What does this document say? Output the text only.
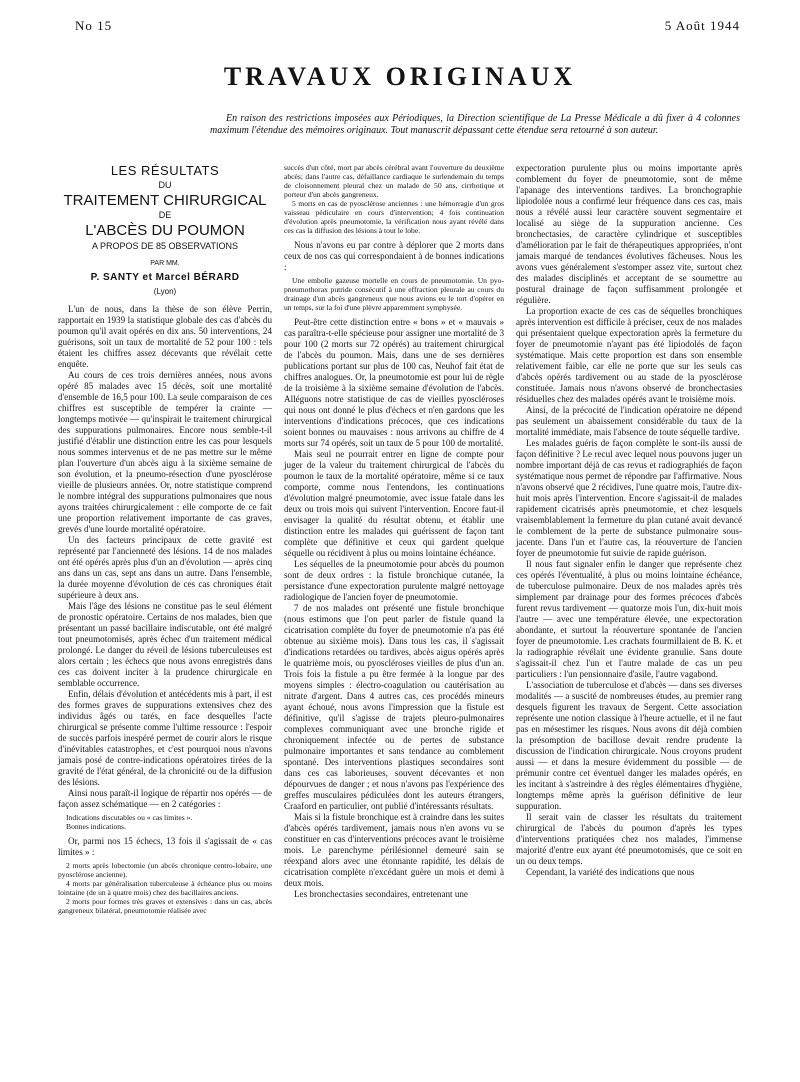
No 15	5 Août 1944
TRAVAUX ORIGINAUX
En raison des restrictions imposées aux Périodiques, la Direction scientifique de La Presse Médicale a dû fixer à 4 colonnes maximum l'étendue des mémoires originaux. Tout manuscrit dépassant cette étendue sera retourné à son auteur.
LES RÉSULTATS
DU
TRAITEMENT CHIRURGICAL
DE
L'ABCÈS DU POUMON
A PROPOS DE 85 OBSERVATIONS
PAR MM.
P. SANTY et Marcel BÉRARD
(Lyon)

L'un de nous, dans la thèse de son élève Perrin, rapportait en 1939 la statistique globale des cas d'abcès du poumon qu'il avait opérés en dix ans. 50 interventions, 24 guérisons, soit un taux de mortalité de 52 pour 100 : tels étaient les chiffres assez décevants que révélait cette enquête.

Au cours de ces trois dernières années, nous avons opéré 85 malades avec 15 décès, soit une mortalité d'ensemble de 16,5 pour 100. La seule comparaison de ces chiffres est susceptible de tempérer la crainte — longtemps motivée — qu'inspirait le traitement chirurgical des suppurations pulmonaires. Encore nous semble-t-il justifié d'établir une distinction entre les cas pour lesquels nous sommes intervenus et de ne pas mettre sur le même plan l'ouverture d'un abcès aigu à la sixième semaine de son évolution, et la pneumo-résection d'une pyosclérose vieille de plusieurs années. Or, notre statistique comprend le nombre intégral des suppurations pulmonaires que nous ayons traitées chirurgicalement : elle comporte de ce fait une proportion relativement importante de cas graves, grevés d'une lourde mortalité opératoire.

Un des facteurs principaux de cette gravité est représenté par l'ancienneté des lésions. 14 de nos malades ont été opérés après plus d'un an d'évolution — après cinq ans dans un cas, sept ans dans un autre. Dans l'ensemble, la durée moyenne d'évolution de ces cas chroniques était supérieure à deux ans.

Mais l'âge des lésions ne constitue pas le seul élément de pronostic opératoire. Certains de nos malades, bien que présentant un passé bacillaire indiscutable, ont été malgré tout pneumotomisés, après échec d'un traitement médical prolongé. Le danger du réveil de lésions tuberculeuses est alors certain ; les échecs que nous avons enregistrés dans ces cas doivent inciter à la prudence chirurgicale en semblable occurrence.

Enfin, délais d'évolution et antécédents mis à part, il est des formes graves de suppurations extensives chez des individus âgés ou tarés, en face desquelles l'acte chirurgical se présente comme l'ultime ressource : l'espoir de succès parfois inespéré permet de courir alors le risque d'inévitables catastrophes, et c'est pourquoi nous n'avons jamais posé de contre-indications opératoires tirées de la gravité de l'état général, de la chronicité ou de la diffusion des lésions.

Ainsi nous paraît-il logique de répartir nos opérés — de façon assez schématique — en 2 catégories :

Indications discutables ou « cas limites ».

Bonnes indications.

Or, parmi nos 15 échecs, 13 fois il s'agissait de « cas limites » :

2 morts après lobectomie (un abcès chronique centro-lobaire, une pyosclérose ancienne).

4 morts par généralisation tuberculeuse à échéance plus ou moins lointaine (de un à quatre mois) chez des bacillaires anciens.

2 morts pour formes très graves et extensives : dans un cas, abcès gangreneux bilatéral, pneumotomie réalisée avec

succès d'un côté, mort par abcès cérébral avant l'ouverture du deuxième abcès; dans l'autre cas, défaillance cardiaque le surlendemain du temps de cloisonnement pleural chez un malade de 50 ans, cirrhotique et porteur d'un abcès gangreneux.

5 morts en cas de pyosclérose anciennes : une hémorragie d'un gros vaisseau pédiculaire en cours d'intervention; 4 fois continuation d'évolution après pneumotomie, la vérification nous ayant révélé dans ces cas la diffusion des lésions à tout le lobe.

Nous n'avons eu par contre à déplorer que 2 morts dans ceux de nos cas qui correspondaient à de bonnes indications :

Une embolie gazeuse mortelle en cours de pneumotomie. Un pyo-pneumothorax putride consécutif à une effraction pleurale au cours du drainage d'un abcès gangreneux que nous avions eu le tort d'opérer en un temps, sur la foi d'une plèvre apparemment symphysée.

Peut-être cette distinction entre « bons » et « mauvais » cas paraîtra-t-elle spécieuse pour assigner une mortalité de 3 pour 100 (2 morts sur 72 opérés) au traitement chirurgical de l'abcès du poumon. Mais, dans une de ses dernières publications portant sur plus de 100 cas, Neuhof fait état de chiffres analogues. Or, la pneumotomie est pour lui de règle de la troisième à la sixième semaine d'évolution de l'abcès. Alléguons notre statistique de cas de vieilles pyoscléroses qui nous ont donné le plus d'échecs et n'en gardons que les interventions d'indications précoces, que ces indications soient bonnes ou mauvaises : nous arrivons au chiffre de 4 morts sur 74 opérés, soit un taux de 5 pour 100 de mortalité.

Mais seul ne pourrait entrer en ligne de compte pour juger de la valeur du traitement chirurgical de l'abcès du poumon le taux de la mortalité opératoire, même si ce taux comporte, comme nous l'entendons, les continuations d'évolution malgré pneumotomie, avec issue fatale dans les deux ou trois mois qui suivent l'intervention. Encore faut-il envisager la qualité du résultat obtenu, et établir une distinction entre les malades qui guérissent de façon tant complète que définitive et ceux qui gardent quelque séquelle ou récidivent à plus ou moins lointaine échéance.

Les séquelles de la pneumotomie pour abcès du poumon sont de deux ordres : la fistule bronchique cutanée, la persistance d'une expectoration purulente malgré nettoyage radiologique de l'ancien foyer de pneumotomie.

7 de nos malades ont présenté une fistule bronchique (nous estimons que l'on peut parler de fistule quand la cicatrisation complète du foyer de pneumotomie n'a pas été obtenue au sixième mois). Dans tous les cas, il s'agissait d'indications retardées ou tardives, abcès aigus opérés après le quatrième mois, ou pyoscléroses vieilles de plus d'un an. Trois fois la fistule a pu être fermée à la longue par des moyens simples : électro-coagulation ou cautérisation au nitrate d'argent. Dans 4 autres cas, ces procédés mineurs ayant échoué, nous avons l'impression que la fistule est définitive, qu'il s'agisse de trajets pleuro-pulmonaires complexes communiquant avec une bronche rigide et chroniquement infectée ou de pertes de substance pulmonaire importantes et sans tendance au comblement spontané. Des interventions plastiques secondaires sont dans ces cas laborieuses, souvent décevantes et non dépourvues de danger ; et nous n'avons pas l'expérience des greffes musculaires pédiculées dont les auteurs étrangers, Craaford en particulier, ont publié d'intéressants résultats.

Mais si la fistule bronchique est à craindre dans les suites d'abcès opérés tardivement, jamais nous n'en avons vu se constituer en cas d'interventions précoces avant le troisième mois. Le parenchyme périlésionnel demeuré sain se réexpand alors avec une étonnante rapidité, les délais de cicatrisation complète n'excédant guère un mois et demi à deux mois.

Les bronchectasies secondaires, entretenant une

expectoration purulente plus ou moins importante après comblement du foyer de pneumotomie, sont de même l'apanage des interventions tardives. La bronchographie lipiodolée nous a confirmé leur fréquence dans ces cas, mais nous a révélé aussi leur caractère souvent segmentaire et localisé au siège de la suppuration ancienne. Ces bronchectasies, de caractère cylindrique et susceptibles d'amélioration par le fait de thérapeutiques appropriées, n'ont jamais marqué de tendances évolutives fâcheuses. Nous les avons vues généralement s'estomper assez vite, surtout chez des malades disciplinés et acceptant de se soumettre au postural drainage de façon suffisamment prolongée et régulière.

La proportion exacte de ces cas de séquelles bronchiques après intervention est difficile à préciser, ceux de nos malades qui présentaient quelque expectoration après la fermeture du foyer de pneumotomie n'ayant pas été lipiodolés de façon systématique. Mais cette proportion est dans son ensemble relativement faible, car elle ne porte que sur les seuls cas d'abcès opérés tardivement ou au stade de la pyosclérose constituée. Jamais nous n'avons observé de bronchectasies résiduelles chez des malades opérés avant le troisième mois.

Ainsi, de la précocité de l'indication opératoire ne dépend pas seulement un abaissement considérable du taux de la mortalité immédiate, mais l'absence de toute séquelle tardive.

Les malades guéris de façon complète le sont-ils aussi de façon définitive ? Le recul avec lequel nous pouvons juger un nombre important déjà de cas revus et radiographiés de façon systématique nous permet de répondre par l'affirmative. Nous n'avons observé que 2 récidives, l'une quatre mois, l'autre dix-huit mois après l'intervention. Encore s'agissait-il de malades rapidement cicatrisés après pneumotomie, et chez lesquels vraisemblablement la fermeture du plan cutané avait devancé le comblement de la perte de substance pulmonaire sous-jacente. Dans l'un et l'autre cas, la réouverture de l'ancien foyer de pneumotomie fut suivie de rapide guérison.

Il nous faut signaler enfin le danger que représente chez ces opérés l'éventualité, à plus ou moins lointaine échéance, de tuberculose pulmonaire. Deux de nos malades après très simplement par drainage pour des formes précoces d'abcès furent revus tardivement — quatorze mois l'un, dix-huit mois l'autre — avec une température élevée, une expectoration abondante, et surtout la réouverture spontanée de l'ancien foyer de pneumotomie. Les crachats fourmillaient de B. K. et la radiographie révélait une évidente granulie. Sans doute s'agissait-il chez l'un et l'autre malade de cas un peu particuliers : l'un pensionnaire d'asile, l'autre vagabond.

L'association de tuberculose et d'abcès — dans ses diverses modalités — a suscité de nombreuses études, au premier rang desquels figurent les travaux de Sergent. Cette association représente une notion classique à l'heure actuelle, et il ne faut pas en mésestimer les risques. Nous avons dit déjà combien la présomption de bacillose devait rendre prudente la discussion de l'indication chirurgicale. Nous croyons prudent aussi — et dans la mesure évidemment du possible — de prémunir contre cet éventuel danger les malades opérés, en les incitant à s'astreindre à des règles élémentaires d'hygiène, longtemps même après la guérison définitive de leur suppuration.

Il serait vain de classer les résultats du traitement chirurgical de l'abcès du poumon d'après les types d'interventions pratiquées chez nos malades, l'immense majorité d'entre eux ayant été pneumotomisés, que ce soit en un ou deux temps.

Cependant, la variété des indications que nous
